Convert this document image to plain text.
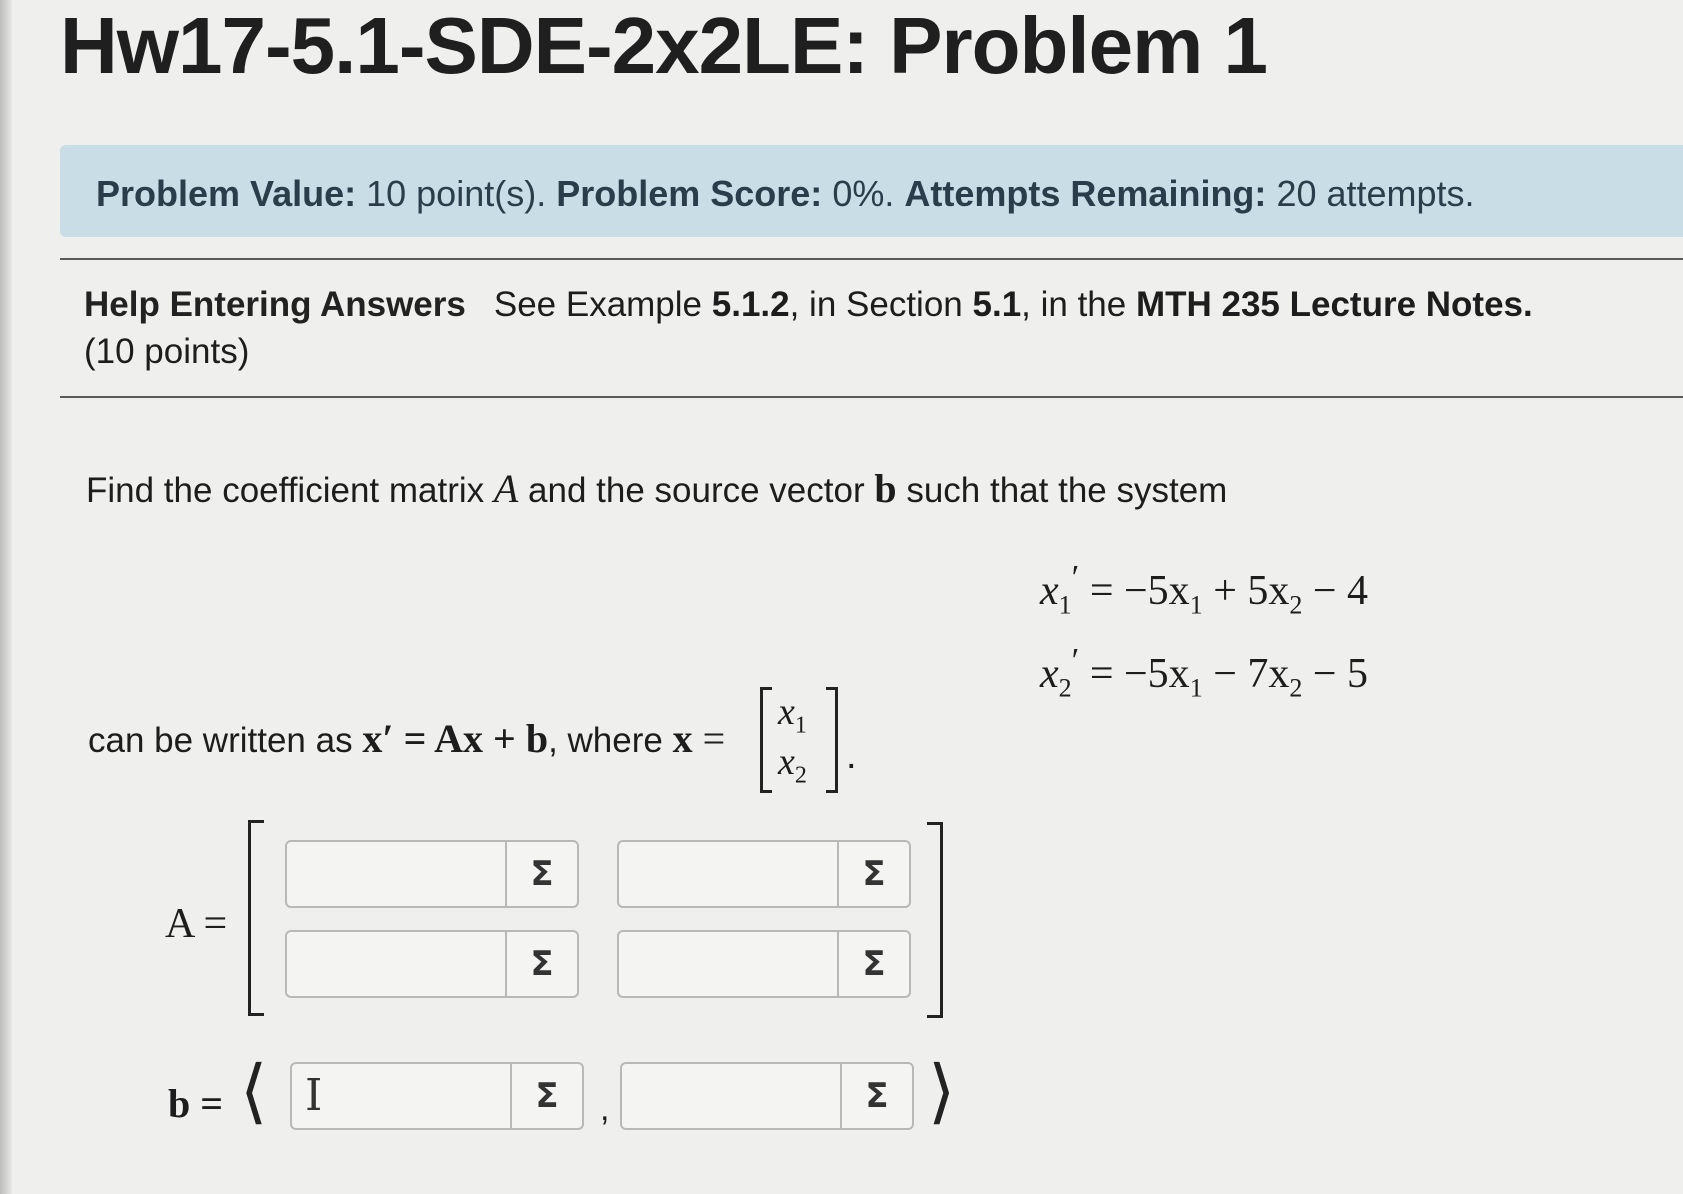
Hw17-5.1-SDE-2x2LE: Problem 1
Problem Value: 10 point(s). Problem Score: 0%. Attempts Remaining: 20 attempts.
Help Entering Answers See Example 5.1.2, in Section 5.1, in the MTH 235 Lecture Notes.
(10 points)
Find the coefficient matrix A and the source vector b such that the system
$x_1' = -5x_1 + 5x_2 - 4$
$x_2' = -5x_1 - 7x_2 - 5$
can be written as x′ = Ax + b, where x =
$x_1$
$x_2$ .
A =
Σ	Σ
Σ	Σ
b = ⟨	Σ
I	,	Σ ⟩
